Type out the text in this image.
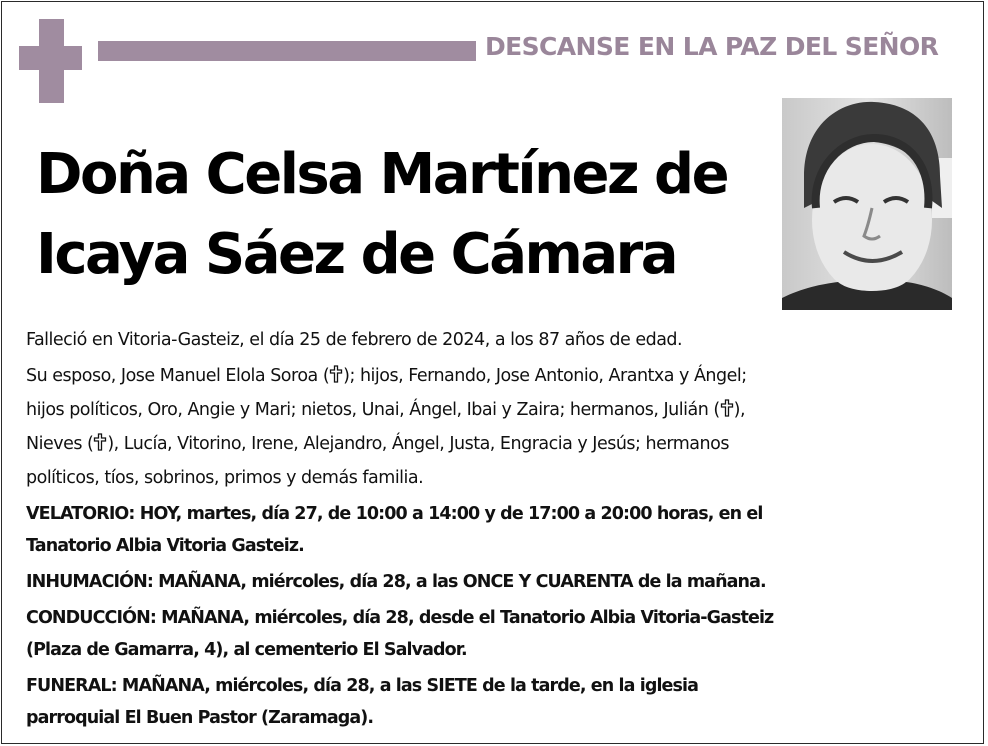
DESCANSE EN LA PAZ DEL SEÑOR
Doña Celsa Martínez de
Icaya Sáez de Cámara
Falleció en Vitoria-Gasteiz, el día 25 de febrero de 2024, a los 87 años de edad.
Su esposo, Jose Manuel Elola Soroa ( ); hijos, Fernando, Jose Antonio, Arantxa y Ángel;
hijos políticos, Oro, Angie y Mari; nietos, Unai, Ángel, Ibai y Zaira; hermanos, Julián ( ),
Nieves ( ), Lucía, Vitorino, Irene, Alejandro, Ángel, Justa, Engracia y Jesús; hermanos
políticos, tíos, sobrinos, primos y demás familia.
VELATORIO: HOY, martes, día 27, de 10:00 a 14:00 y de 17:00 a 20:00 horas, en el
Tanatorio Albia Vitoria Gasteiz.
INHUMACIÓN: MAÑANA, miércoles, día 28, a las ONCE Y CUARENTA de la mañana.
CONDUCCIÓN: MAÑANA, miércoles, día 28, desde el Tanatorio Albia Vitoria-Gasteiz
(Plaza de Gamarra, 4), al cementerio El Salvador.
FUNERAL: MAÑANA, miércoles, día 28, a las SIETE de la tarde, en la iglesia
parroquial El Buen Pastor (Zaramaga).
